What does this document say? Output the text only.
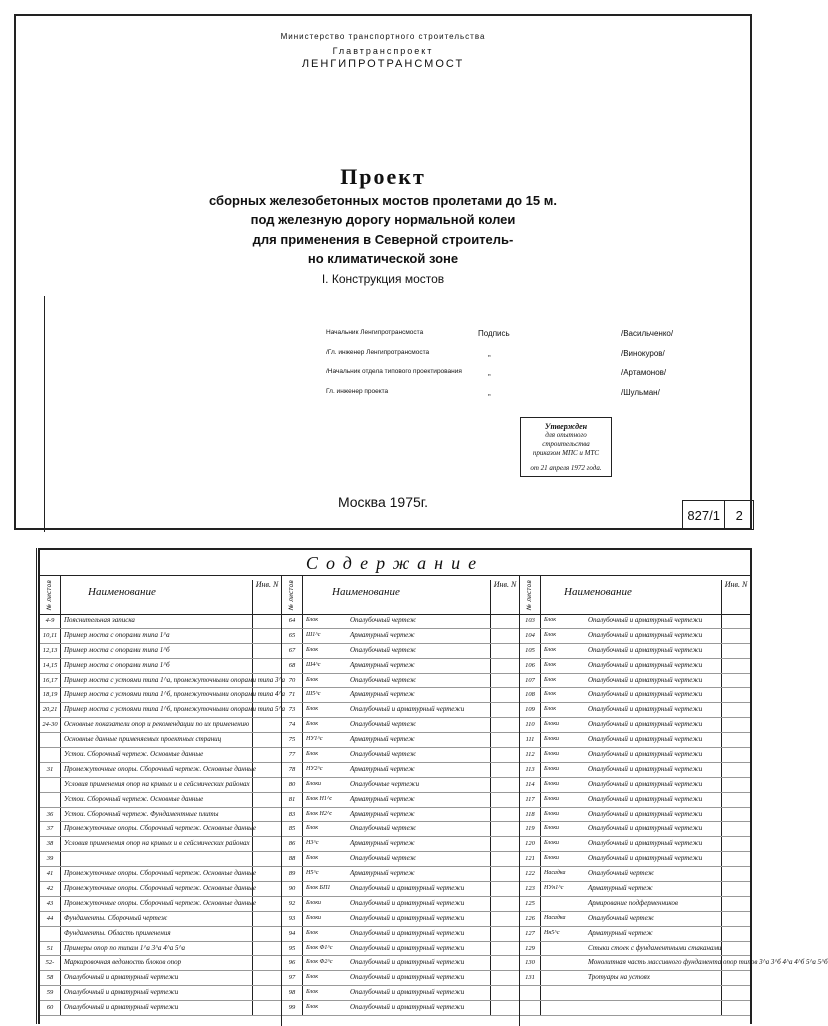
Министерство транспортного строительства
Главтранспроект
ЛЕНГИПРОТРАНСМОСТ
Проект
сборных железобетонных мостов пролетами до 15 м.
под железную дорогу нормальной колеи
для применения в Северной строитель-
но климатической зоне
I. Конструкция мостов
Начальник Ленгипротрансмоста	Подпись	/Васильченко/
/Гл. инженер Ленгипротрансмоста	„	/Винокуров/
/Начальник отдела типового проектирования	„	/Артамонов/
Гл. инженер проекта	„	/Шульман/
Утвержден
для опытного строительства
приказом МПС и МТС
от 21 апреля 1972 года.
Москва 1975г.
827/1	2
Содержание
№ листов	Наименование
Инв. N
4-9	Пояснительная записка
10,11 Пример моста с опорами типа 1^a
12,13 Пример моста с опорами типа 1^б
14,15 Пример моста с опорами типа 1^б
16,17 Пример моста с устоями типа 1^a, промежуточными опорами типа 3^а
18,19 Пример моста с устоями типа 1^б, промежуточными опорами типа 4^а
20,21 Пример моста с устоями типа 1^б, промежуточными опорами типа 5^а
24-30 Основные показатели опор и рекомендации по их применению
Основные данные применяемых проектных страниц
Устои. Сборочный чертеж. Основные данные
31	Промежуточные опоры. Сборочный чертеж. Основные данные
Условия применения опор на кривых и в сейсмических районах
Устои. Сборочный чертеж. Основные данные
36	Устои. Сборочный чертеж. Фундаментные плиты
37	Промежуточные опоры. Сборочный чертеж. Основные данные
38	Условия применения опор на кривых и в сейсмических районах
39
41	Промежуточные опоры. Сборочный чертеж. Основные данные
42	Промежуточные опоры. Сборочный чертеж. Основные данные
43	Промежуточные опоры. Сборочный чертеж. Основные данные
44	Фундаменты. Сборочный чертеж
Фундаменты. Область применения
51	Примеры опор по типам 1^а 3^а 4^а 5^а
52-	Маркировочная ведомость блоков опор
58	Опалубочный и арматурный чертежи
59	Опалубочный и арматурный чертежи
60	Опалубочный и арматурный чертежи
№ листов	Наименование
Инв. N
64	Блок	Опалубочный чертеж
65	Ш1^с	Арматурный чертеж
67	Блок	Опалубочный чертеж
68	Ш4^с	Арматурный чертеж
70	Блок	Опалубочный чертеж
71	Ш5^с	Арматурный чертеж
73	Блок	Опалубочный и арматурный чертежи
74	Блок	Опалубочный чертеж
75	НУ1^с	Арматурный чертеж
77	Блок	Опалубочный чертеж
78	НУ2^с	Арматурный чертеж
80	Блоки	Опалубочные чертежи
81	Блок Н1^с	Арматурный чертеж
83	Блок Н2^с	Арматурный чертеж
85	Блок	Опалубочный чертеж
86	Н3^с	Арматурный чертеж
88	Блок	Опалубочный чертеж
89	Н5^с	Арматурный чертеж
90	Блок БП1	Опалубочный и арматурный чертежи
92	Блоки	Опалубочный и арматурный чертежи
93	Блоки	Опалубочный и арматурный чертежи
94	Блок	Опалубочный и арматурный чертежи
95	Блок Ф1^с	Опалубочный и арматурный чертежи
96	Блок Ф2^с	Опалубочный и арматурный чертежи
97	Блок	Опалубочный и арматурный чертежи
98	Блок	Опалубочный и арматурный чертежи
99	Блок	Опалубочный и арматурный чертежи
№ листов	Наименование
Инв. N
103	Блок	Опалубочный и арматурный чертежи
104	Блок	Опалубочный и арматурный чертежи
105	Блок	Опалубочный и арматурный чертежи
106	Блок	Опалубочный и арматурный чертежи
107	Блок	Опалубочный и арматурный чертежи
108	Блок	Опалубочный и арматурный чертежи
109	Блок	Опалубочный и арматурный чертежи
110	Блоки	Опалубочный и арматурный чертежи
111	Блоки	Опалубочный и арматурный чертежи
112	Блоки	Опалубочный и арматурный чертежи
113	Блоки	Опалубочный и арматурный чертежи
114	Блоки	Опалубочный и арматурный чертежи
117	Блоки	Опалубочный и арматурный чертежи
118	Блоки	Опалубочный и арматурный чертежи
119	Блоки	Опалубочный и арматурный чертежи
120	Блоки	Опалубочный и арматурный чертежи
121	Блоки	Опалубочный и арматурный чертежи
122	Насадка	Опалубочный чертеж
123	НУн1^с	Арматурный чертеж
125	Армирование подферменников
126	Насадка	Опалубочный чертеж
127	Нн5^с	Арматурный чертеж
129	Стыки стоек с фундаментными стаканами
130	Монолитная часть массивного фундамента опор типов 3^а 3^б 4^а 4^б 5^а 5^б
131	Тротуары на устоях
